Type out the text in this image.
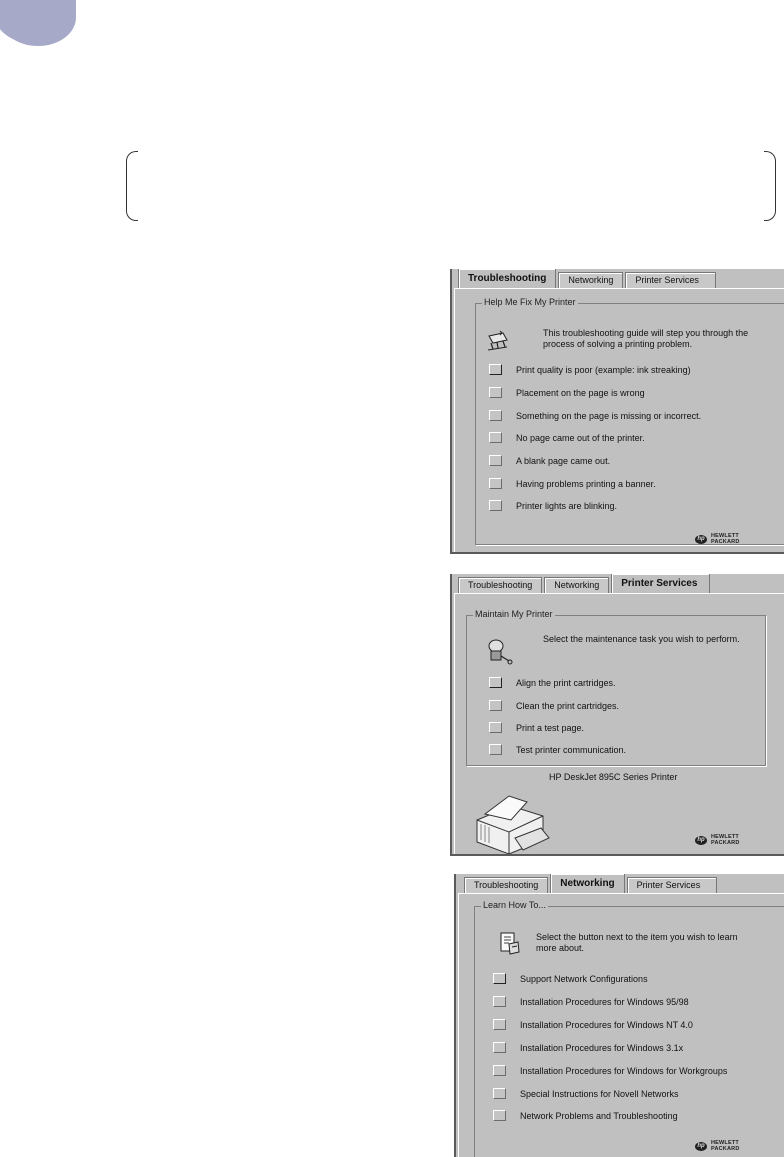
Troubleshooting	Networking	Printer Services
Help Me Fix My Printer
This troubleshooting guide will step you through the process of solving a printing problem.
Print quality is poor (example: ink streaking)
Placement on the page is wrong
Something on the page is missing or incorrect.
No page came out of the printer.
A blank page came out.
Having problems printing a banner.
Printer lights are blinking.
hp	HEWLETT
PACKARD
Troubleshooting	Networking	Printer Services
Maintain My Printer
Select the maintenance task you wish to perform.
Align the print cartridges.
Clean the print cartridges.
Print a test page.
Test printer communication.
HP DeskJet 895C Series Printer
hp	HEWLETT
PACKARD
Troubleshooting	Networking	Printer Services
Learn How To...
Select the button next to the item you wish to learn more about.
Support Network Configurations
Installation Procedures for Windows 95/98
Installation Procedures for Windows NT 4.0
Installation Procedures for Windows 3.1x
Installation Procedures for Windows for Workgroups
Special Instructions for Novell Networks
Network Problems and Troubleshooting
hp	HEWLETT
PACKARD
